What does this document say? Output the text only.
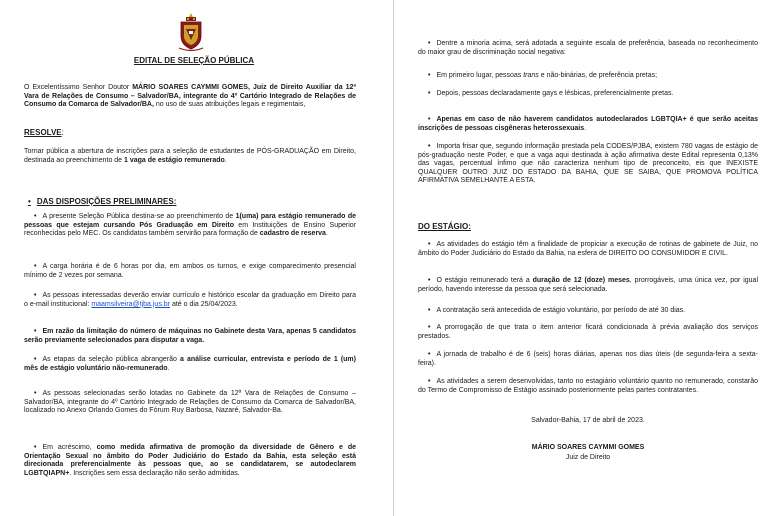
EDITAL DE SELEÇÃO PÚBLICA

O Excelentíssimo Senhor Doutor MÁRIO SOARES CAYMMI GOMES, Juiz de Direito Auxiliar da 12ª Vara de Relações de Consumo – Salvador/BA, integrante do 4º Cartório Integrado de Relações de Consumo da Comarca de Salvador/BA, no uso de suas atribuições legais e regimentais,

RESOLVE:

Tornar pública a abertura de inscrições para a seleção de estudantes de PÓS-GRADUAÇÃO em Direito, destinada ao preenchimento de 1 vaga de estágio remunerado.

• DAS DISPOSIÇÕES PRELIMINARES:

• A presente Seleção Pública destina-se ao preenchimento de 1(uma) para estágio remunerado de pessoas que estejam cursando Pós Graduação em Direito em Instituições de Ensino Superior reconhecidas pelo MEC. Os candidatos também servirão para formação de cadastro de reserva.

• A carga horária é de 6 horas por dia, em ambos os turnos, e exige comparecimento presencial mínimo de 2 vezes por semana.

• As pessoas interessadas deverão enviar currículo e histórico escolar da graduação em Direito para o e-mail institucional: maamsilveira@tjba.jus.br até o dia 25/04/2023.

• Em razão da limitação do número de máquinas no Gabinete desta Vara, apenas 5 candidatos serão previamente selecionados para disputar a vaga.

• As etapas da seleção pública abrangerão a análise curricular, entrevista e período de 1 (um) mês de estágio voluntário não-remunerado.

• As pessoas selecionadas serão lotadas no Gabinete da 12ª Vara de Relações de Consumo – Salvador/BA, integrante do 4º Cartório Integrado de Relações de Consumo da Comarca de Salvador/BA, localizado no Anexo Orlando Gomes do Fórum Ruy Barbosa, Nazaré, Salvador-Ba.

• Em acréscimo, como medida afirmativa de promoção da diversidade de Gênero e de Orientação Sexual no âmbito do Poder Judiciário do Estado da Bahia, esta seleção está direcionada preferencialmente às pessoas que, ao se candidatarem, se autodeclarem LGBTQIAPN+. Inscrições sem essa declaração não serão admitidas.

• Dentre a minoria acima, será adotada a seguinte escala de preferência, baseada no reconhecimento do maior grau de discriminação social negativa:

• Em primeiro lugar, pessoas trans e não-binárias, de preferência pretas;

• Depois, pessoas declaradamente gays e lésbicas, preferencialmente pretas.

• Apenas em caso de não haverem candidatos autodeclarados LGBTQIA+ é que serão aceitas inscrições de pessoas cisgêneras heterossexuais.

• Importa frisar que, segundo informação prestada pela CODES/PJBA, existem 780 vagas de estágio de pós-graduação neste Poder, e que a vaga aqui destinada à ação afirmativa deste Edital representa 0,13% das vagas, percentual ínfimo que não caracteriza nenhum tipo de preconceito, eis que INEXISTE QUALQUER OUTRO JUIZ DO ESTADO DA BAHIA, QUE SE SAIBA, QUE PROMOVA POLÍTICA AFIRMATIVA SEMELHANTE A ESTA.

DO ESTÁGIO:

• As atividades do estágio têm a finalidade de propiciar a execução de rotinas de gabinete de Juiz, no âmbito do Poder Judiciário do Estado da Bahia, na esfera de DIREITO DO CONSUMIDOR E CIVIL.

• O estágio remunerado terá a duração de 12 (doze) meses, prorrogáveis, uma única vez, por igual período, havendo interesse da pessoa que será selecionada.

• A contratação será antecedida de estágio voluntário, por período de até 30 dias.

• A prorrogação de que trata o item anterior ficará condicionada à prévia avaliação dos serviços prestados.

• A jornada de trabalho é de 6 (seis) horas diárias, apenas nos dias úteis (de segunda-feira a sexta-feira).

• As atividades a serem desenvolvidas, tanto no estagiário voluntário quanto no remunerado, constarão do Termo de Compromisso de Estágio assinado posteriormente pelas partes contratantes.

Salvador-Bahia, 17 de abril de 2023.

MÁRIO SOARES CAYMMI GOMES

Juiz de Direito
